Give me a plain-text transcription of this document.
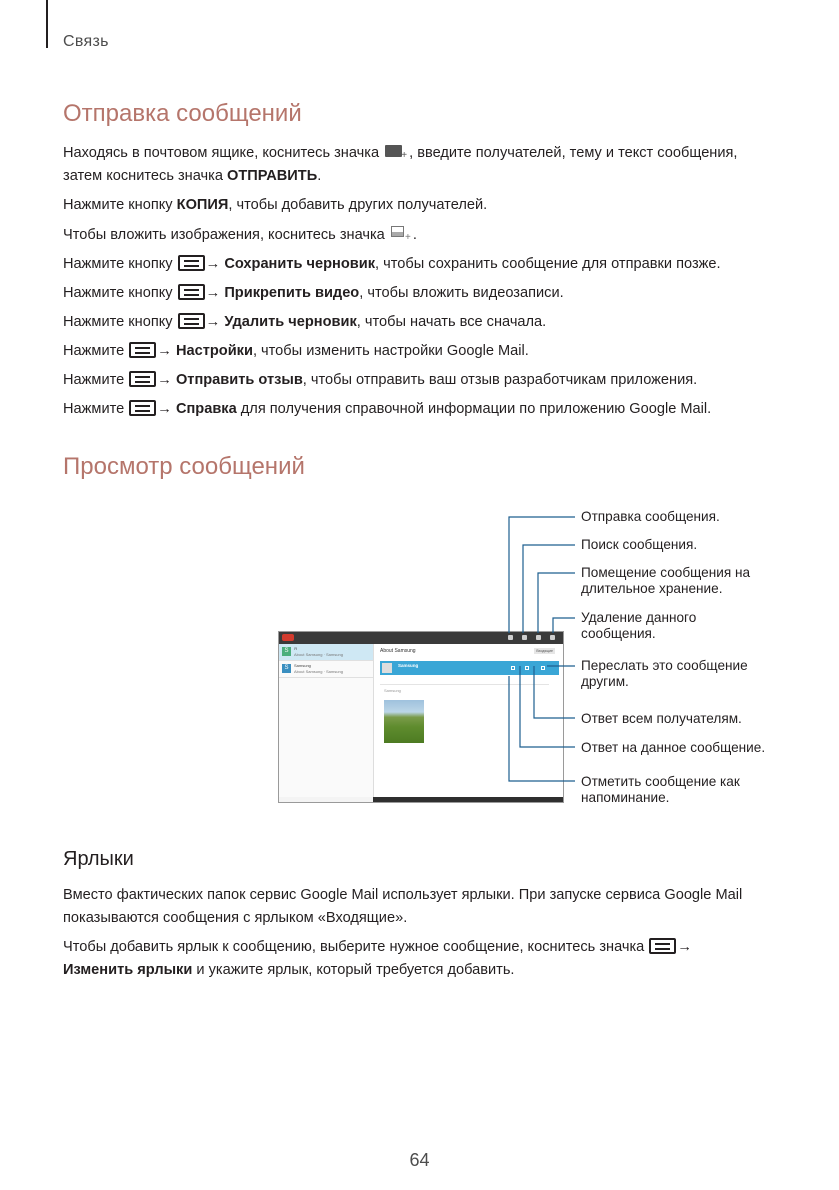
Связь
Отправка сообщений

Находясь в почтовом ящике, коснитесь значка + , введите получателей, тему и текст сообщения,

затем коснитесь значка ОТПРАВИТЬ.

Нажмите кнопку КОПИЯ, чтобы добавить других получателей.

Чтобы вложить изображения, коснитесь значка + .

Нажмите кнопку → Сохранить черновик, чтобы сохранить сообщение для отправки позже.

Нажмите кнопку → Прикрепить видео, чтобы вложить видеозаписи.

Нажмите кнопку → Удалить черновик, чтобы начать все сначала.

Нажмите → Настройки, чтобы изменить настройки Google Mail.

Нажмите → Отправить отзыв, чтобы отправить ваш отзыв разработчикам приложения.

Нажмите → Справка для получения справочной информации по приложению Google Mail.

Просмотр сообщений
S	Я
About Samsung · Samsung
S	Samsung
About Samsung · Samsung
About Samsung	Входящие
Samsung
Samsung
Отправка сообщения.
Поиск сообщения.
Помещение сообщения на
длительное хранение.
Удаление данного
сообщения.
Переслать это сообщение
другим.
Ответ всем получателям.
Ответ на данное сообщение.
Отметить сообщение как
напоминание.
Ярлыки

Вместо фактических папок сервис Google Mail использует ярлыки. При запуске сервиса Google Mail

показываются сообщения с ярлыком «Входящие».

Чтобы добавить ярлык к сообщению, выберите нужное сообщение, коснитесь значка →

Изменить ярлыки и укажите ярлык, который требуется добавить.

64
